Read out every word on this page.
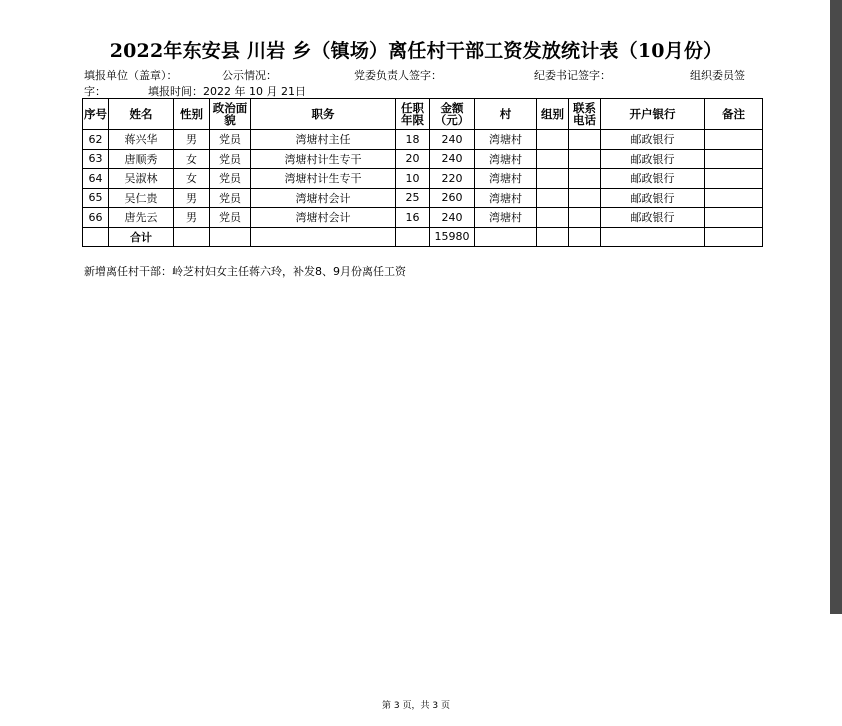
2022年东安县 川岩 乡（镇场）离任村干部工资发放统计表（10月份）
填报单位（盖章）：	公示情况：	党委负责人签字：	纪委书记签字：	组织委员签
字：	填报时间：2022 年 10 月 21日
序号	姓名	性别	政治面貌	职务	任职年限	金额（元）	村	组别	联系电话	开户银行	备注
62	蒋兴华	男	党员	湾塘村主任	18	240	湾塘村			邮政银行	
63	唐顺秀	女	党员	湾塘村计生专干	20	240	湾塘村			邮政银行	
64	吴淑林	女	党员	湾塘村计生专干	10	220	湾塘村			邮政银行	
65	吴仁贵	男	党员	湾塘村会计	25	260	湾塘村			邮政银行	
66	唐先云	男	党员	湾塘村会计	16	240	湾塘村			邮政银行	
	合计					15980					
新增离任村干部：岭芝村妇女主任蒋六玲，补发8、9月份离任工资
第 3 页，共 3 页
